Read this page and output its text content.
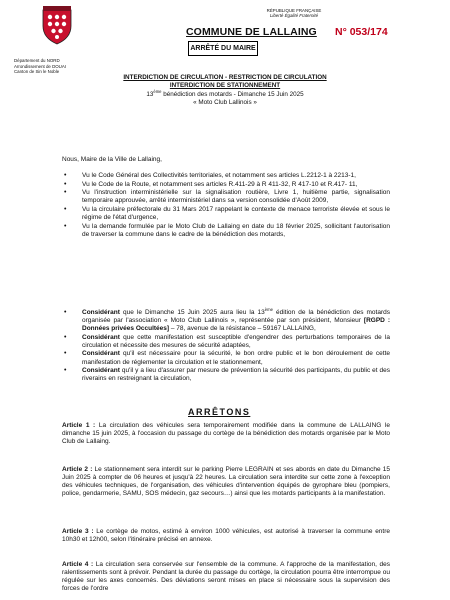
Département du NORD
Arrondissement de DOUAI
Canton de Sin le Noble
RÉPUBLIQUE FRANÇAISE
Liberté Égalité Fraternité
COMMUNE DE LALLAING N° 053/174
ARRÊTÉ DU MAIRE
INTERDICTION DE CIRCULATION - RESTRICTION DE CIRCULATION
INTERDICTION DE STATIONNEMENT
13ème bénédiction des motards - Dimanche 15 Juin 2025
« Moto Club Lallinois »
Nous, Maire de la Ville de Lallaing,
• Vu le Code Général des Collectivités territoriales, et notamment ses articles L.2212-1 à 2213-1,
• Vu le Code de la Route, et notamment ses articles R.411-29 à R 411-32, R 417-10 et R.417- 11,
• Vu l'instruction interministérielle sur la signalisation routière, Livre 1, huitième partie, signalisation temporaire approuvée, arrêté interministériel dans sa version consolidée d'Août 2009,
• Vu la circulaire préfectorale du 31 Mars 2017 rappelant le contexte de menace terroriste élevée et sous le régime de l'état d'urgence,
• Vu la demande formulée par le Moto Club de Lallaing en date du 18 février 2025, sollicitant l'autorisation de traverser la commune dans le cadre de la bénédiction des motards,
• Considérant que le Dimanche 15 Juin 2025 aura lieu la 13ème édition de la bénédiction des motards organisée par l'association « Moto Club Lallinois », représentée par son président, Monsieur [RGPD : Données privées Occultées] – 78, avenue de la résistance – 59167 LALLAING,
• Considérant que cette manifestation est susceptible d'engendrer des perturbations temporaires de la circulation et nécessite des mesures de sécurité adaptées,
• Considérant qu'il est nécessaire pour la sécurité, le bon ordre public et le bon déroulement de cette manifestation de réglementer la circulation et le stationnement,
• Considérant qu'il y a lieu d'assurer par mesure de prévention la sécurité des participants, du public et des riverains en restreignant la circulation,
ARRÊTONS

Article 1 : La circulation des véhicules sera temporairement modifiée dans la commune de LALLAING le dimanche 15 juin 2025, à l'occasion du passage du cortège de la bénédiction des motards organisée par le Moto Club de Lallaing.

Article 2 : Le stationnement sera interdit sur le parking Pierre LEGRAIN et ses abords en date du Dimanche 15 Juin 2025 à compter de 06 heures et jusqu'à 22 heures. La circulation sera interdite sur cette zone à l'exception des véhicules techniques, de l'organisation, des véhicules d'intervention équipés de gyrophare bleu (pompiers, police, gendarmerie, SAMU, SOS médecin, gaz secours…) ainsi que les motards participants à la manifestation.

Article 3 : Le cortège de motos, estimé à environ 1000 véhicules, est autorisé à traverser la commune entre 10h30 et 12h00, selon l'itinéraire précisé en annexe.

Article 4 : La circulation sera conservée sur l'ensemble de la commune. A l'approche de la manifestation, des ralentissements sont à prévoir. Pendant la durée du passage du cortège, la circulation pourra être interrompue ou régulée sur les axes concernés. Des déviations seront mises en place si nécessaire sous la supervision des forces de l'ordre
